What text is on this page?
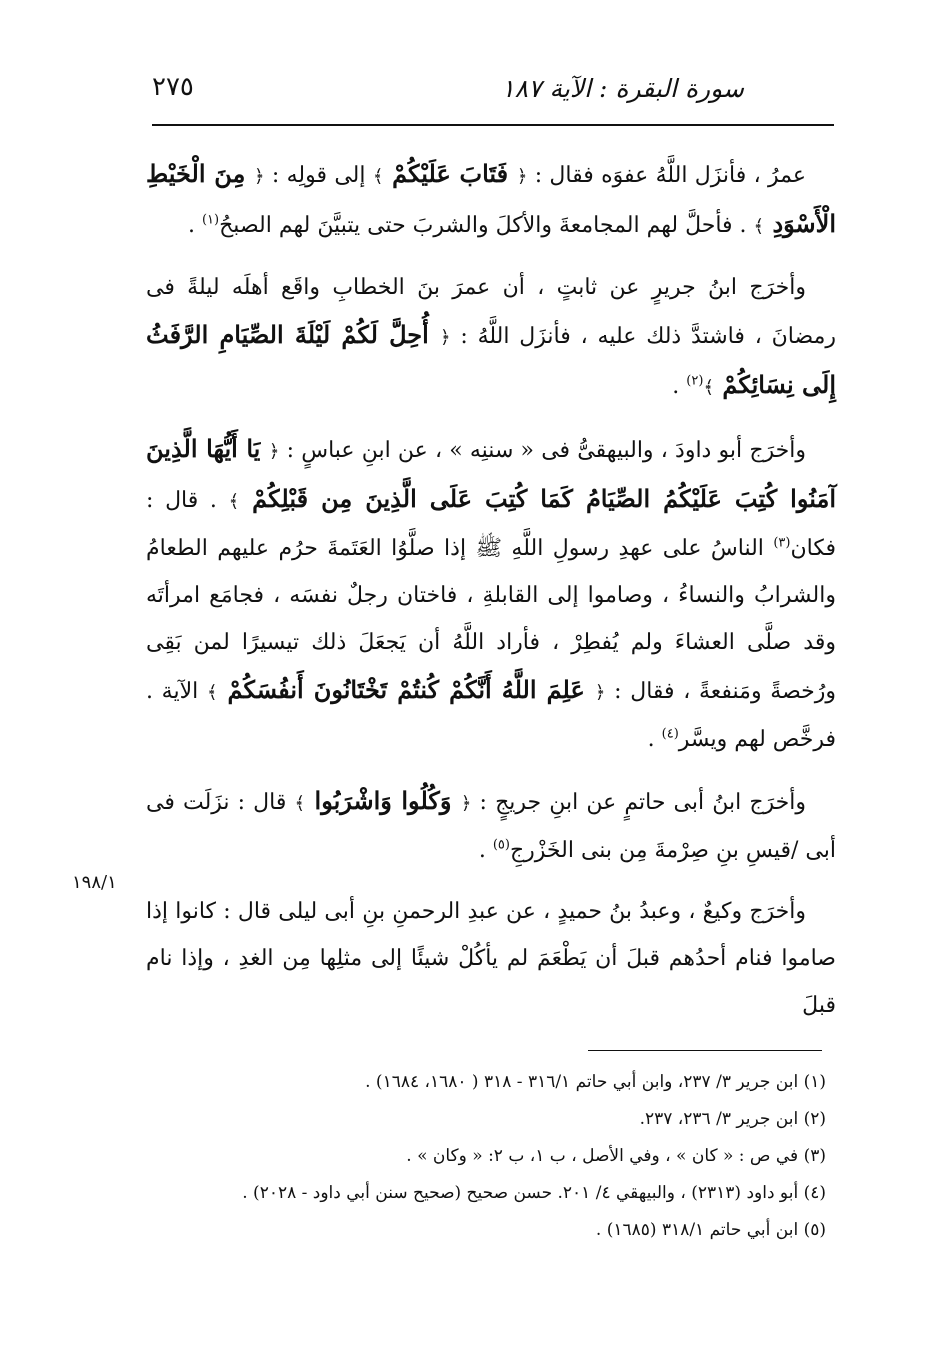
سورة البقرة : الآية ١٨٧
٢٧٥
١٩٨/١

عمرُ ، فأنزَل اللَّهُ عفوَه فقال : ﴿ فَتَابَ عَلَيْكُمْ ﴾ إلى قولِه : ﴿ مِنَ الْخَيْطِ الْأَسْوَدِ ﴾ . فأحلَّ لهم المجامعةَ والأكلَ والشربَ حتى يتبيَّنَ لهم الصبحُ$^{(١)}$ .

وأخرَج ابنُ جريرٍ عن ثابتٍ ، أن عمرَ بنَ الخطابِ واقَع أهلَه ليلةً فى رمضانَ ، فاشتدَّ ذلك عليه ، فأنزَل اللَّهُ : ﴿ أُحِلَّ لَكُمْ لَيْلَةَ الصِّيَامِ الرَّفَثُ إِلَى نِسَائِكُمْ ﴾$^{(٢)}$ .

وأخرَج أبو داودَ ، والبيهقىُّ فى « سننِه » ، عن ابنِ عباسٍ : ﴿ يَا أَيُّهَا الَّذِينَ آمَنُوا كُتِبَ عَلَيْكُمُ الصِّيَامُ كَمَا كُتِبَ عَلَى الَّذِينَ مِن قَبْلِكُمْ ﴾ . قال : فكان$^{(٣)}$ الناسُ على عهدِ رسولِ اللَّهِ ﷺ إذا صلَّوُا العَتَمةَ حرُم عليهم الطعامُ والشرابُ والنساءُ ، وصاموا إلى القابلةِ ، فاختان رجلٌ نفسَه ، فجامَع امرأتَه وقد صلَّى العشاءَ ولم يُفطِرْ ، فأراد اللَّهُ أن يَجعَلَ ذلك تيسيرًا لمن بَقِى ورُخصةً ومَنفعةً ، فقال : ﴿ عَلِمَ اللَّهُ أَنَّكُمْ كُنتُمْ تَخْتَانُونَ أَنفُسَكُمْ ﴾ الآية . فرخَّص لهم ويسَّر$^{(٤)}$ .

وأخرَج ابنُ أبى حاتمٍ عن ابنِ جريجٍ : ﴿ وَكُلُوا وَاشْرَبُوا ﴾ قال : نزَلَت فى أبى /قيسِ بنِ صِرْمةَ مِن بنى الخَزْرجِ$^{(٥)}$ .

وأخرَج وكيعٌ ، وعبدُ بنُ حميدٍ ، عن عبدِ الرحمنِ بنِ أبى ليلى قال : كانوا إذا صاموا فنام أحدُهم قبلَ أن يَطْعَمَ لم يأكُلْ شيئًا إلى مثلِها مِن الغدِ ، وإذا نام قبلَ

(١) ابن جرير ٣/ ٢٣٧، وابن أبي حاتم ٣١٦/١ - ٣١٨ ( ١٦٨٠، ١٦٨٤) .
(٢) ابن جرير ٣/ ٢٣٦، ٢٣٧.
(٣) في ص : « كان » ، وفي الأصل ، ب ١، ب ٢: « وكان » .
(٤) أبو داود (٢٣١٣) ، والبيهقي ٤/ ٢٠١. حسن صحيح (صحيح سنن أبي داود - ٢٠٢٨) .
(٥) ابن أبي حاتم ٣١٨/١ (١٦٨٥) .
